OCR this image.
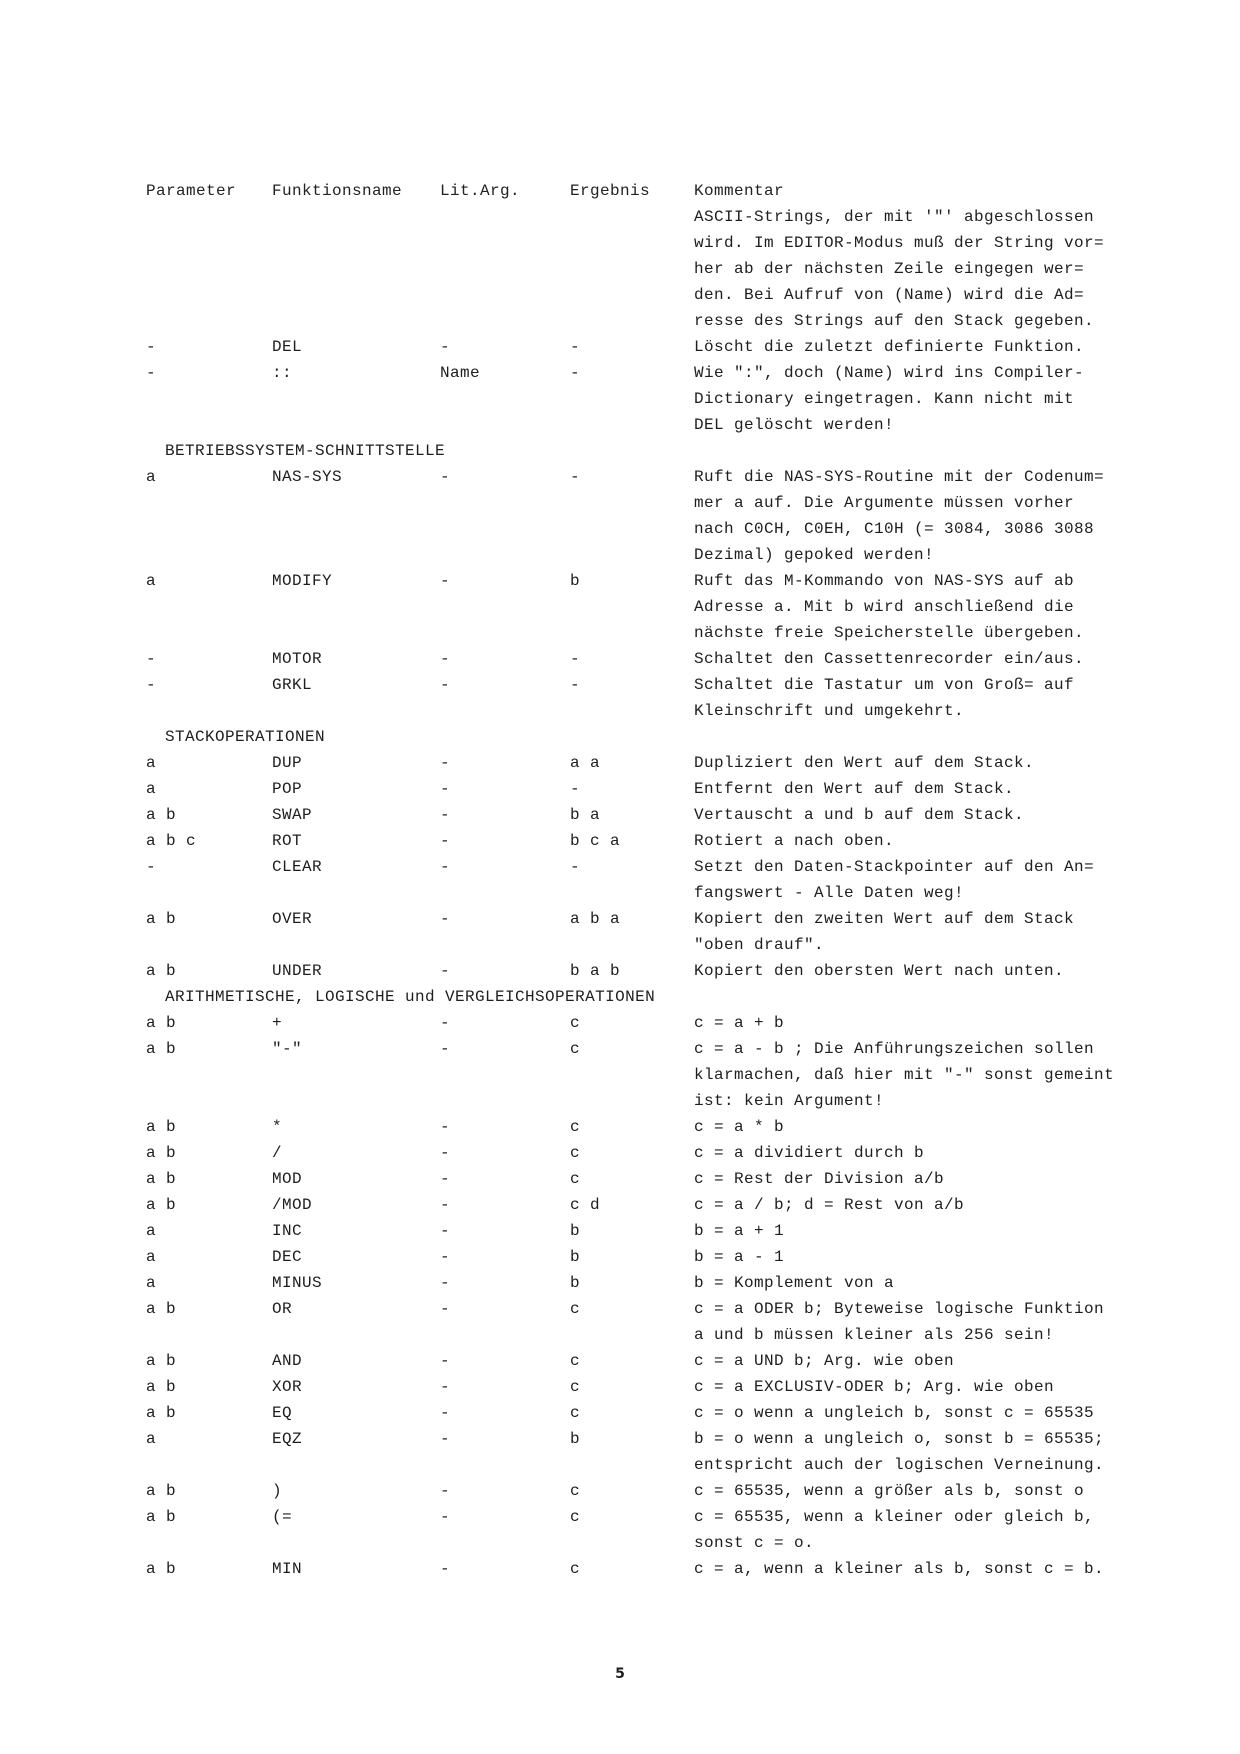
Parameter Funktionsname Lit.Arg.	Ergebnis	Kommentar
ASCII-Strings, der mit '"' abgeschlossen
wird. Im EDITOR-Modus muß der String vor=
her ab der nächsten Zeile eingegen wer=
den. Bei Aufruf von (Name) wird die Ad=
resse des Strings auf den Stack gegeben.
-	DEL	-	-	Löscht die zuletzt definierte Funktion.
-	::	Name	-	Wie ":", doch (Name) wird ins Compiler-
Dictionary eingetragen. Kann nicht mit
DEL gelöscht werden!
BETRIEBSSYSTEM-SCHNITTSTELLE
a	NAS-SYS	-	-	Ruft die NAS-SYS-Routine mit der Codenum=
mer a auf. Die Argumente müssen vorher
nach C0CH, C0EH, C10H (= 3084, 3086 3088
Dezimal) gepoked werden!
a	MODIFY	-	b	Ruft das M-Kommando von NAS-SYS auf ab
Adresse a. Mit b wird anschließend die
nächste freie Speicherstelle übergeben.
-	MOTOR	-	-	Schaltet den Cassettenrecorder ein/aus.
-	GRKL	-	-	Schaltet die Tastatur um von Groß= auf
Kleinschrift und umgekehrt.
STACKOPERATIONEN
a	DUP	-	a a	Dupliziert den Wert auf dem Stack.
a	POP	-	-	Entfernt den Wert auf dem Stack.
a b	SWAP	-	b a	Vertauscht a und b auf dem Stack.
a b c	ROT	-	b c a	Rotiert a nach oben.
-	CLEAR	-	-	Setzt den Daten-Stackpointer auf den An=
fangswert - Alle Daten weg!
a b	OVER	-	a b a	Kopiert den zweiten Wert auf dem Stack
"oben drauf".
a b	UNDER	-	b a b	Kopiert den obersten Wert nach unten.
ARITHMETISCHE, LOGISCHE und VERGLEICHSOPERATIONEN
a b	+	-	c	c = a + b
a b	"-"	-	c	c = a - b ; Die Anführungszeichen sollen
klarmachen, daß hier mit "-" sonst gemeint
ist: kein Argument!
a b	*	-	c	c = a * b
a b	/	-	c	c = a dividiert durch b
a b	MOD	-	c	c = Rest der Division a/b
a b	/MOD	-	c d	c = a / b; d = Rest von a/b
a	INC	-	b	b = a + 1
a	DEC	-	b	b = a - 1
a	MINUS	-	b	b = Komplement von a
a b	OR	-	c	c = a ODER b; Byteweise logische Funktion
a und b müssen kleiner als 256 sein!
a b	AND	-	c	c = a UND b; Arg. wie oben
a b	XOR	-	c	c = a EXCLUSIV-ODER b; Arg. wie oben
a b	EQ	-	c	c = o wenn a ungleich b, sonst c = 65535
a	EQZ	-	b	b = o wenn a ungleich o, sonst b = 65535;
entspricht auch der logischen Verneinung.
a b	)	-	c	c = 65535, wenn a größer als b, sonst o
a b	(=	-	c	c = 65535, wenn a kleiner oder gleich b,
sonst c = o.
a b	MIN	-	c	c = a, wenn a kleiner als b, sonst c = b.
5
